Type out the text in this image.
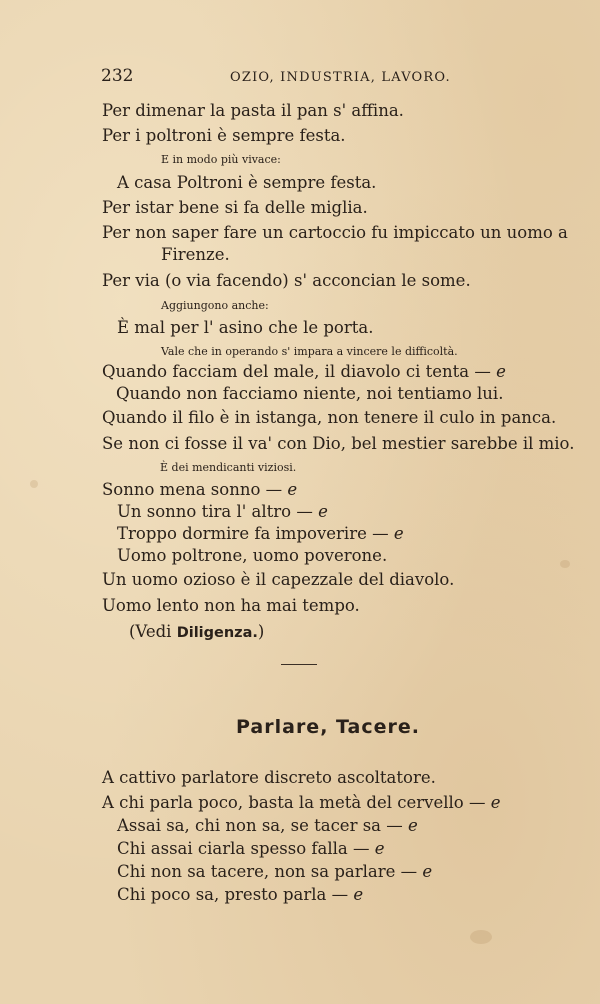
232	OZIO, INDUSTRIA, LAVORO.
Per dimenar la pasta il pan s' affina.
Per i poltroni è sempre festa.
E in modo più vivace:
A casa Poltroni è sempre festa.
Per istar bene si fa delle miglia.
Per non saper fare un cartoccio fu impiccato un uomo a
Firenze.
Per via (o via facendo) s' acconcian le some.
Aggiungono anche:
È mal per l' asino che le porta.
Vale che in operando s' impara a vincere le difficoltà.
Quando facciam del male, il diavolo ci tenta — e
Quando non facciamo niente, noi tentiamo lui.
Quando il filo è in istanga, non tenere il culo in panca.
Se non ci fosse il va' con Dio, bel mestier sarebbe il mio.
È dei mendicanti viziosi.
Sonno mena sonno — e
Un sonno tira l' altro — e
Troppo dormire fa impoverire — e
Uomo poltrone, uomo poverone.
Un uomo ozioso è il capezzale del diavolo.
Uomo lento non ha mai tempo.
(Vedi Diligenza.)
Parlare, Tacere.
A cattivo parlatore discreto ascoltatore.
A chi parla poco, basta la metà del cervello — e
Assai sa, chi non sa, se tacer sa — e
Chi assai ciarla spesso falla — e
Chi non sa tacere, non sa parlare — e
Chi poco sa, presto parla — e
